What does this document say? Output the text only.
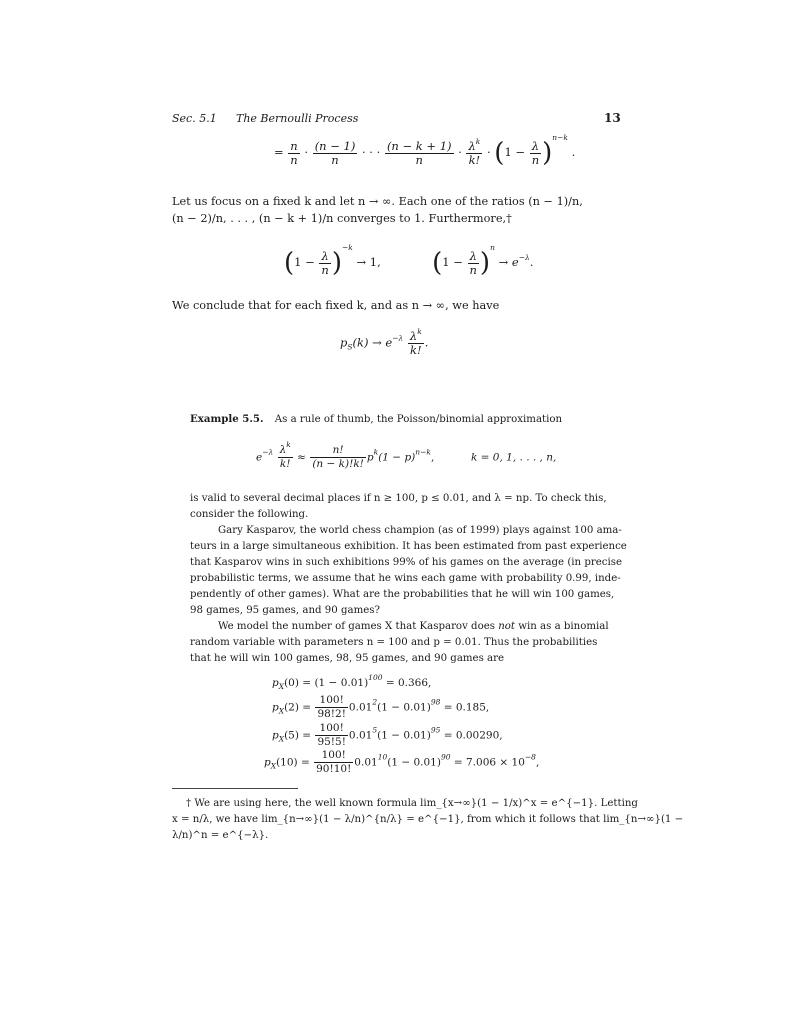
Sec. 5.1 The Bernoulli Process	13
= $\frac{n}{n} \cdot \frac{(n - 1)}{n}$ · · · $\frac{(n - k + 1)}{n} \cdot \frac{\lambda^k}{k!} \cdot (1 - \frac{\lambda}{n} )^{n-k}$ .
Let us focus on a fixed k and let n → ∞. Each one of the ratios (n − 1)/n,
(n − 2)/n, . . . , (n − k + 1)/n converges to 1. Furthermore,†
$(1 - \frac{\lambda}{n} )^{-k} \to 1$, $(1 - \frac{\lambda}{n} )^n \to e^{-\lambda}$.
We conclude that for each fixed k, and as n → ∞, we have
$p_S(k) \to e^{-\lambda} \frac{\lambda^k}{k!}$ .
Example 5.5. As a rule of thumb, the Poisson/binomial approximation
$e^{-\lambda} \frac{\lambda^k}{k!} \approx \frac{n!}{(n - k)!k!} p^k(1 - p)^{n-k}$,	k = 0, 1, . . . , n,
is valid to several decimal places if n ≥ 100, p ≤ 0.01, and λ = np. To check this,
consider the following.
Gary Kasparov, the world chess champion (as of 1999) plays against 100 ama-
teurs in a large simultaneous exhibition. It has been estimated from past experience
that Kasparov wins in such exhibitions 99% of his games on the average (in precise
probabilistic terms, we assume that he wins each game with probability 0.99, inde-
pendently of other games). What are the probabilities that he will win 100 games,
98 games, 95 games, and 90 games?
We model the number of games X that Kasparov does not win as a binomial
random variable with parameters n = 100 and p = 0.01. Thus the probabilities
that he will win 100 games, 98, 95 games, and 90 games are
$p_X(0) = (1 - 0.01)^{100} = 0.366$,
$p_X(2) = \frac{100!}{98!2!} 0.01^2(1 - 0.01)^{98} = 0.185$,
$p_X(5) = \frac{100!}{95!5!} 0.01^5(1 - 0.01)^{95} = 0.00290$,
$p_X(10) = \frac{100!}{90!10!} 0.01^{10}(1 - 0.01)^{90} = 7.006 \times 10^{-8}$,
† We are using here, the well known formula lim_{x→∞}(1 − 1/x)^x = e^{−1}. Letting
x = n/λ, we have lim_{n→∞}(1 − λ/n)^{n/λ} = e^{−1}, from which it follows that lim_{n→∞}(1 −
λ/n)^n = e^{−λ}.
